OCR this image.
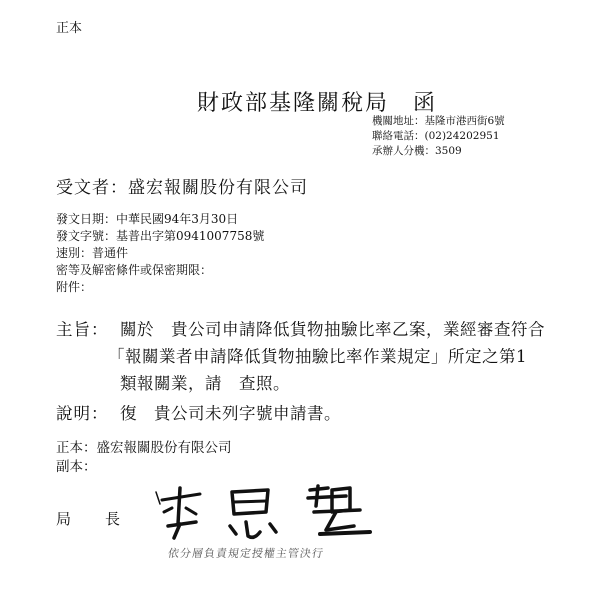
正本
財政部基隆關稅局 函
機關地址：基隆市港西街6號
聯絡電話：(02)24202951
承辦人分機：3509
受文者：盛宏報關股份有限公司
發文日期：中華民國94年3月30日
發文字號：基普出字第0941007758號
速別：普通件
密等及解密條件或保密期限：
附件：
主旨： 關於　貴公司申請降低貨物抽驗比率乙案，業經審查符合
「報關業者申請降低貨物抽驗比率作業規定」所定之第1
類報關業，請　查照。
說明： 復　貴公司未列字號申請書。
正本：盛宏報關股份有限公司
副本：
局長
依分層負責規定授權主管決行
